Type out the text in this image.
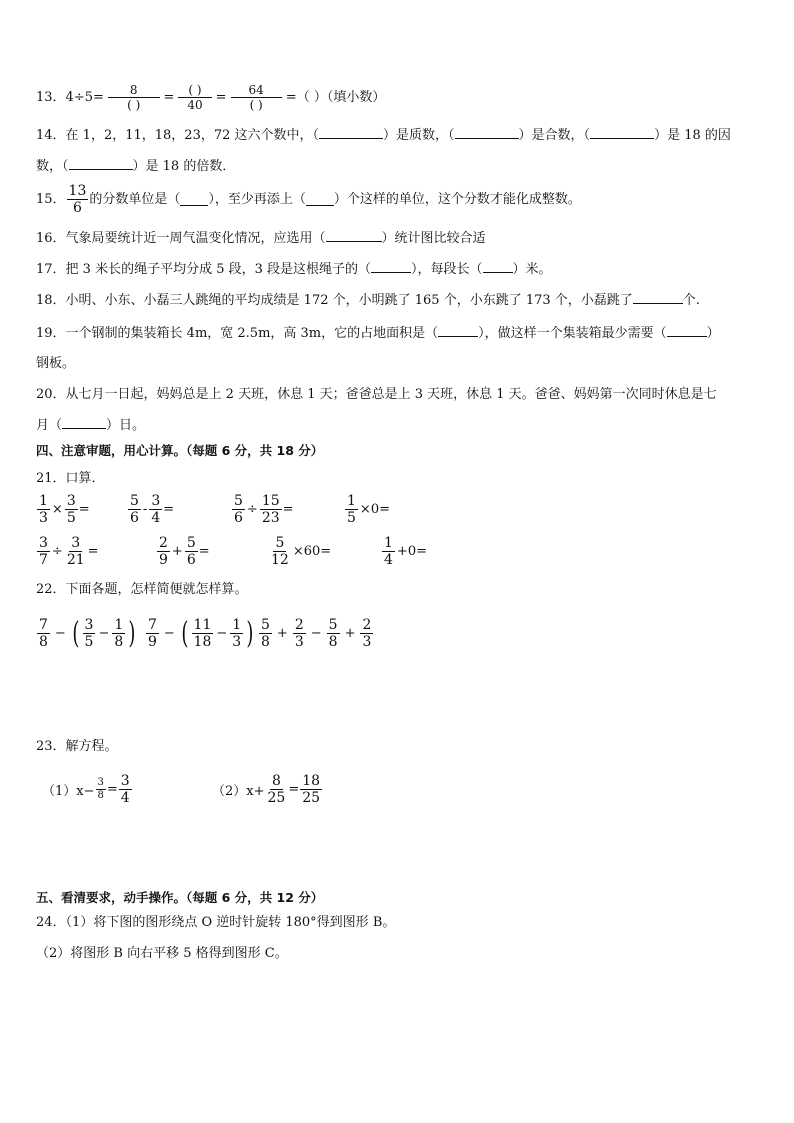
13． $4\div 5= \frac{8}{( )} = \frac{( )}{40} = \frac{64}{( )}$ =（ ）（填小数）
14．在 1，2，11，18，23，72 这六个数中，（	）是质数，（	）是合数，（	）是 18 的因
数，（	）是 18 的倍数．
15． $\frac{13}{6}$ 的分数单位是（ ），至少再添上（ ）个这样的单位，这个分数才能化成整数。
16．气象局要统计近一周气温变化情况，应选用（	）统计图比较合适
17．把 3 米长的绳子平均分成 5 段，3 段是这根绳子的（	），每段长（ ）米。
18．小明、小东、小磊三人跳绳的平均成绩是 172 个，小明跳了 165 个，小东跳了 173 个，小磊跳了	个.
19．一个钢制的集装箱长 4m，宽 2.5m，高 3m，它的占地面积是（	），做这样一个集装箱最少需要（	）
钢板。
20．从七月一日起，妈妈总是上 2 天班，休息 1 天；爸爸总是上 3 天班，休息 1 天。爸爸、妈妈第一次同时休息是七
月（	）日。
四、注意审题，用心计算。（每题 6 分，共 18 分）
21．口算．
$\frac{1}{3} \times \frac{3}{5}$ =	$\frac{5}{6} - \frac{3}{4}$ =	$\frac{5}{6} \div \frac{15}{23}$ =	$\frac{1}{5} \times 0=$
$\frac{3}{7} \div \frac{3}{21}$ =	$\frac{2}{9} + \frac{5}{6}$ =	$\frac{5}{12} \times 60=$	$\frac{1}{4} +0=$
22．下面各题，怎样简便就怎样算。
$\frac{7}{8}$ − ( $\frac{3}{5} - \frac{1}{8}$ ) $\frac{7}{9}$ − ( $\frac{11}{18} - \frac{1}{3}$ ) $\frac{5}{8} + \frac{2}{3} - \frac{5}{8} + \frac{2}{3}$
23．解方程。
$(1)x- \frac{3}{8} = \frac{3}{4}$	$(2)x+ \frac{8}{25} = \frac{18}{25}$
五、看清要求，动手操作。（每题 6 分，共 12 分）
24．（1）将下图的图形绕点 O 逆时针旋转 180°得到图形 B。
（2）将图形 B 向右平移 5 格得到图形 C。
